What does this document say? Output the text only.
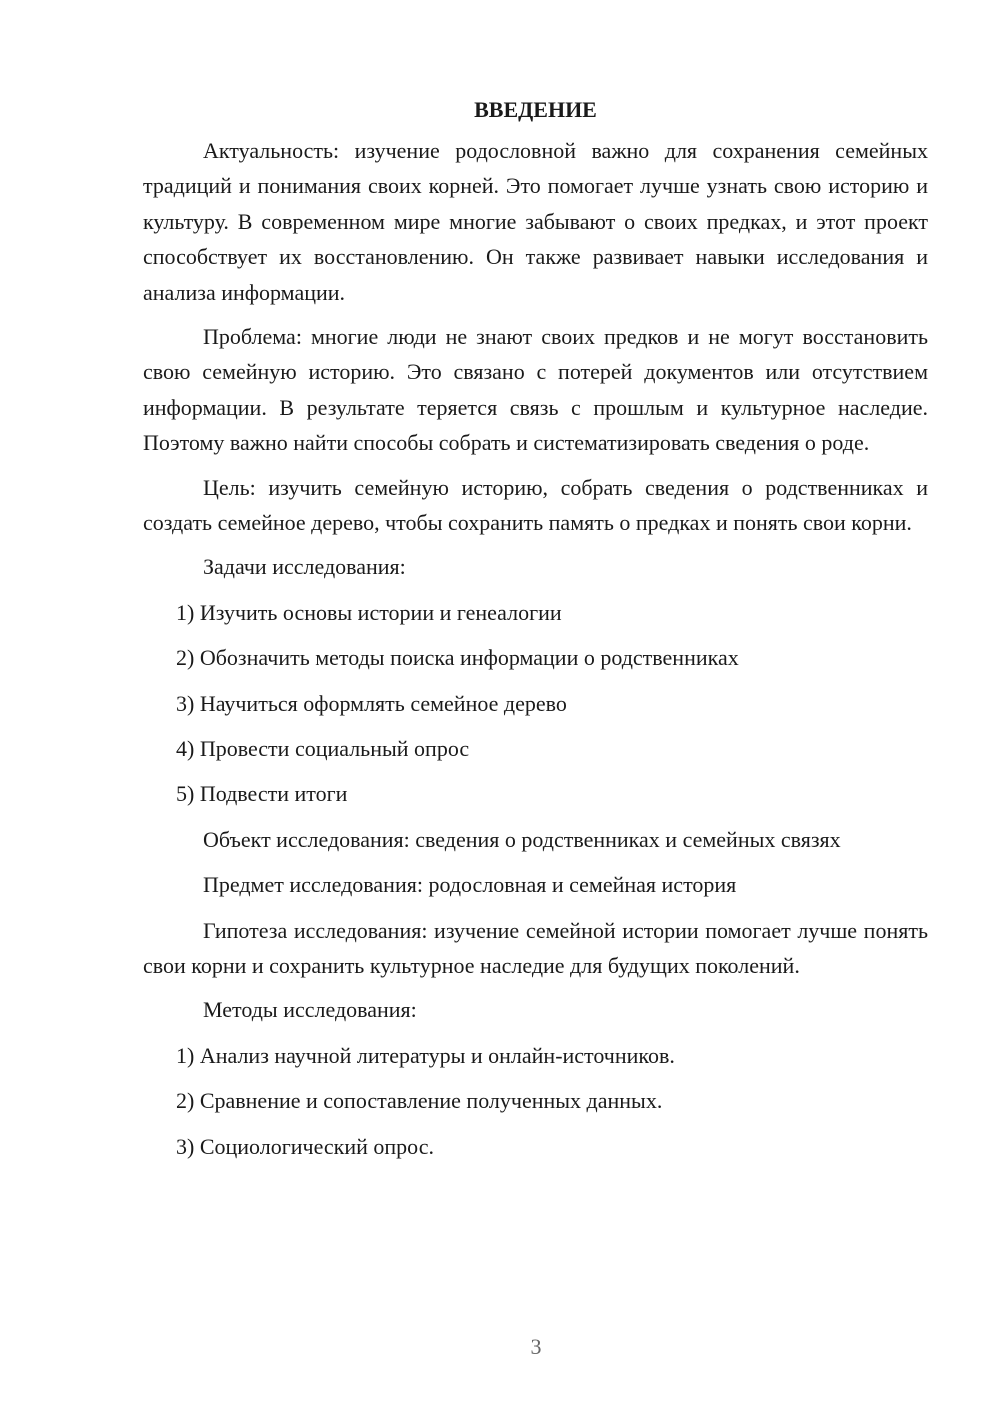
ВВЕДЕНИЕ

Актуальность: изучение родословной важно для сохранения семейных традиций и понимания своих корней. Это помогает лучше узнать свою историю и культуру. В современном мире многие забывают о своих предках, и этот проект способствует их восстановлению. Он также развивает навыки исследования и анализа информации.

Проблема: многие люди не знают своих предков и не могут восстановить свою семейную историю. Это связано с потерей документов или отсутствием информации. В результате теряется связь с прошлым и культурное наследие. Поэтому важно найти способы собрать и систематизировать сведения о роде.

Цель: изучить семейную историю, собрать сведения о родственниках и создать семейное дерево, чтобы сохранить память о предках и понять свои корни.

Задачи исследования:
1) Изучить основы истории и генеалогии
2) Обозначить методы поиска информации о родственниках
3) Научиться оформлять семейное дерево
4) Провести социальный опрос
5) Подвести итоги
Объект исследования: сведения о родственниках и семейных связях
Предмет исследования: родословная и семейная история

Гипотеза исследования: изучение семейной истории помогает лучше понять свои корни и сохранить культурное наследие для будущих поколений.

Методы исследования:
1) Анализ научной литературы и онлайн-источников.
2) Сравнение и сопоставление полученных данных.
3) Социологический опрос.
3
